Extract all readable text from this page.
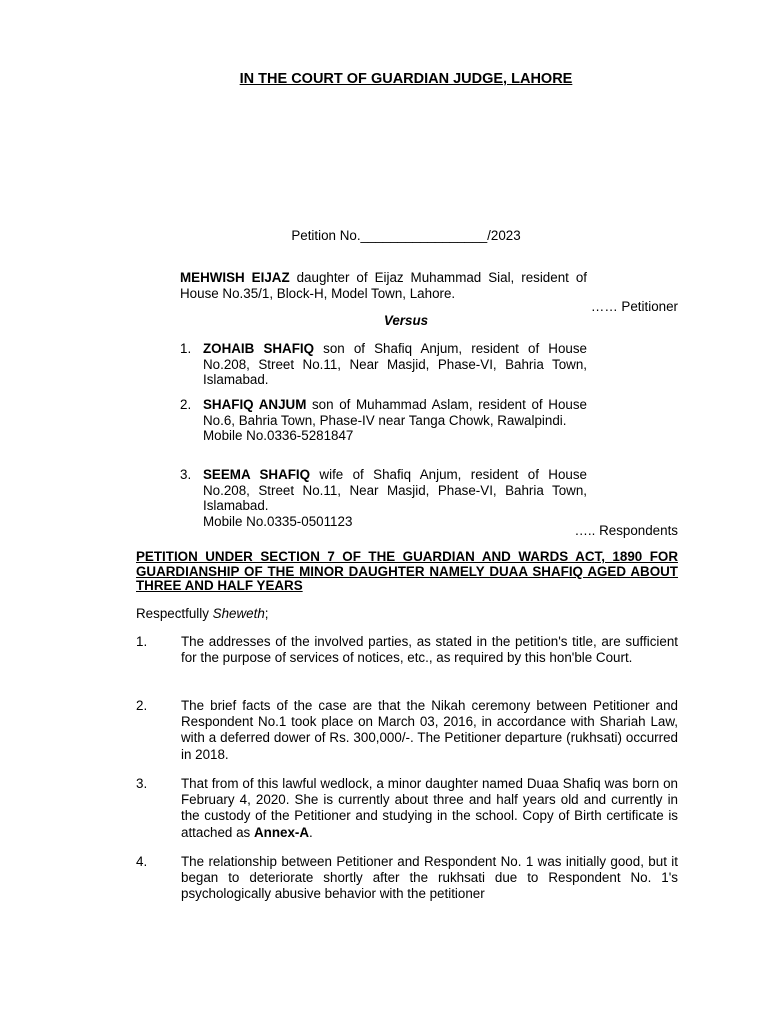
IN THE COURT OF GUARDIAN JUDGE, LAHORE
Petition No._________________/2023
MEHWISH EIJAZ daughter of Eijaz Muhammad Sial, resident of House No.35/1, Block-H, Model Town, Lahore.
…… Petitioner
Versus
1. ZOHAIB SHAFIQ son of Shafiq Anjum, resident of House No.208, Street No.11, Near Masjid, Phase-VI, Bahria Town, Islamabad.
2. SHAFIQ ANJUM son of Muhammad Aslam, resident of House No.6, Bahria Town, Phase-IV near Tanga Chowk, Rawalpindi.
Mobile No.0336-5281847
3. SEEMA SHAFIQ wife of Shafiq Anjum, resident of House No.208, Street No.11, Near Masjid, Phase-VI, Bahria Town, Islamabad.
Mobile No.0335-0501123
….. Respondents
PETITION UNDER SECTION 7 OF THE GUARDIAN AND WARDS ACT, 1890 FOR GUARDIANSHIP OF THE MINOR DAUGHTER NAMELY DUAA SHAFIQ AGED ABOUT THREE AND HALF YEARS
Respectfully Sheweth;
1.	The addresses of the involved parties, as stated in the petition's title, are sufficient for the purpose of services of notices, etc., as required by this hon'ble Court.
2.	The brief facts of the case are that the Nikah ceremony between Petitioner and Respondent No.1 took place on March 03, 2016, in accordance with Shariah Law, with a deferred dower of Rs. 300,000/-. The Petitioner departure (rukhsati) occurred in 2018.
3.	That from of this lawful wedlock, a minor daughter named Duaa Shafiq was born on February 4, 2020. She is currently about three and half years old and currently in the custody of the Petitioner and studying in the school. Copy of Birth certificate is attached as Annex-A.
4.	The relationship between Petitioner and Respondent No. 1 was initially good, but it began to deteriorate shortly after the rukhsati due to Respondent No. 1's psychologically abusive behavior with the petitioner
